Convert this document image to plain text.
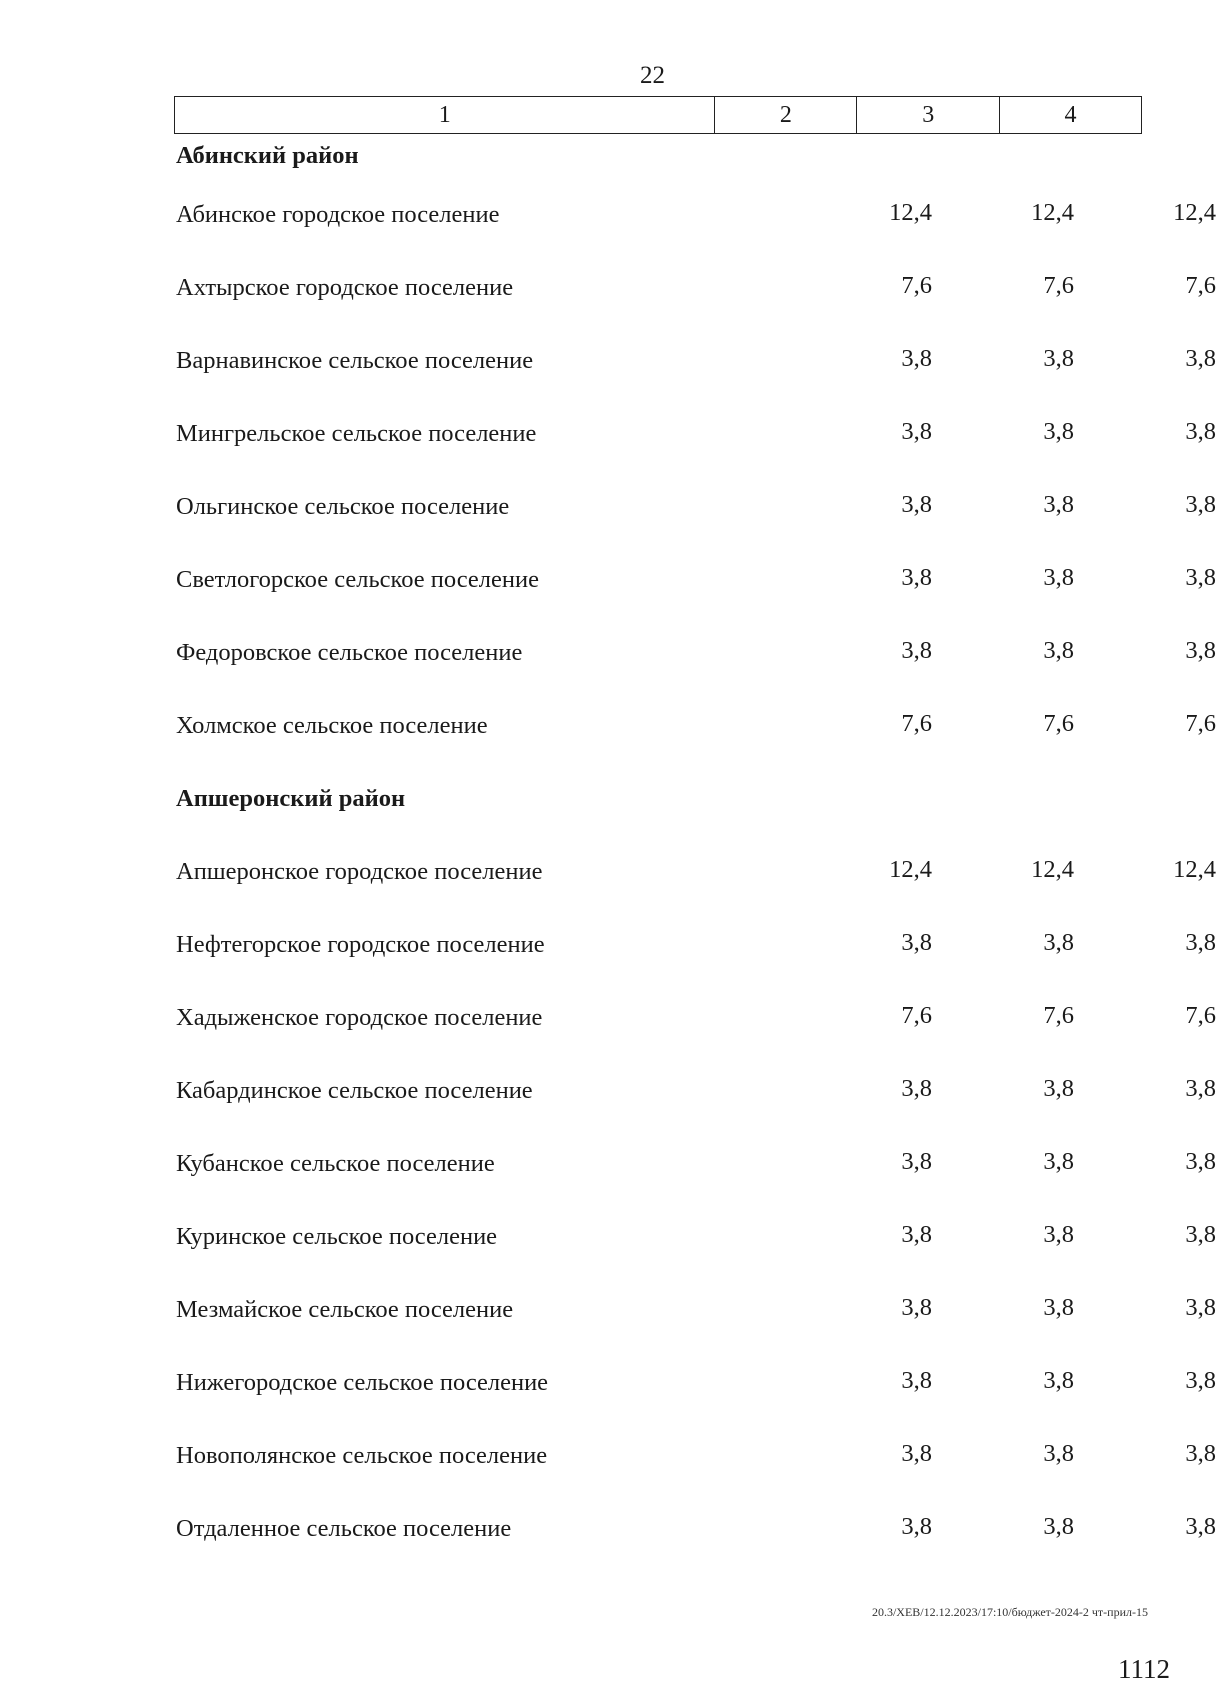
22
1	2	3	4
Абинский район
Абинское городское поселение	12,4	12,4	12,4
Ахтырское городское поселение	7,6	7,6	7,6
Варнавинское сельское поселение	3,8	3,8	3,8
Мингрельское сельское поселение	3,8	3,8	3,8
Ольгинское сельское поселение	3,8	3,8	3,8
Светлогорское сельское поселение	3,8	3,8	3,8
Федоровское сельское поселение	3,8	3,8	3,8
Холмское сельское поселение	7,6	7,6	7,6
Апшеронский район
Апшеронское городское поселение	12,4	12,4	12,4
Нефтегорское городское поселение	3,8	3,8	3,8
Хадыженское городское поселение	7,6	7,6	7,6
Кабардинское сельское поселение	3,8	3,8	3,8
Кубанское сельское поселение	3,8	3,8	3,8
Куринское сельское поселение	3,8	3,8	3,8
Мезмайское сельское поселение	3,8	3,8	3,8
Нижегородское сельское поселение	3,8	3,8	3,8
Новополянское сельское поселение	3,8	3,8	3,8
Отдаленное сельское поселение	3,8	3,8	3,8
20.3/ХЕВ/12.12.2023/17:10/бюджет-2024-2 чт-прил-15
1112
